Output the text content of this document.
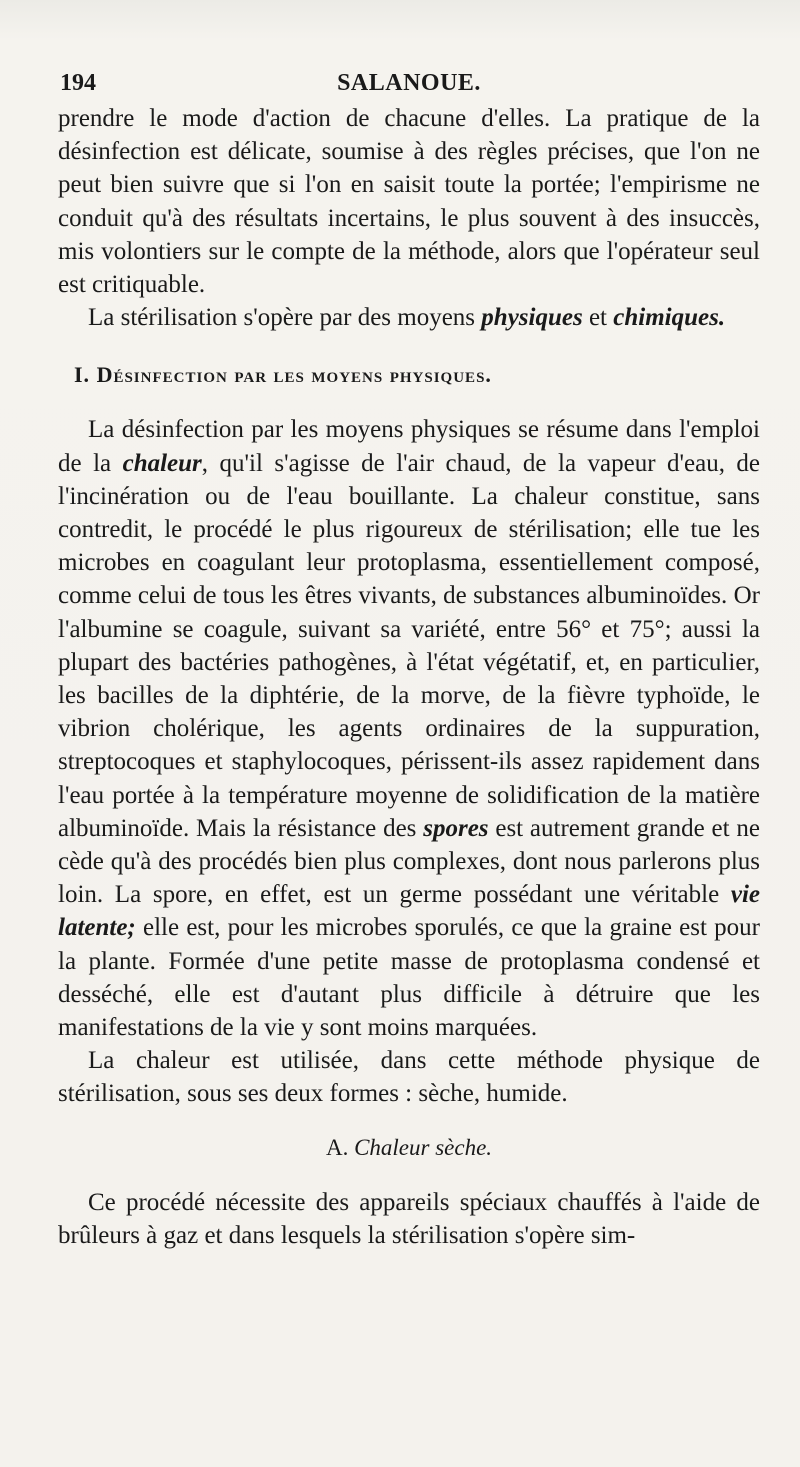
194	SALANOUE.

prendre le mode d'action de chacune d'elles. La pratique de la désinfection est délicate, soumise à des règles précises, que l'on ne peut bien suivre que si l'on en saisit toute la portée; l'empirisme ne conduit qu'à des résultats incertains, le plus souvent à des insuccès, mis volontiers sur le compte de la méthode, alors que l'opérateur seul est critiquable.

La stérilisation s'opère par des moyens physiques et chimiques.

I. Désinfection par les moyens physiques.

La désinfection par les moyens physiques se résume dans l'emploi de la chaleur, qu'il s'agisse de l'air chaud, de la vapeur d'eau, de l'incinération ou de l'eau bouillante. La chaleur constitue, sans contredit, le procédé le plus rigoureux de stérilisation; elle tue les microbes en coagulant leur protoplasma, essentiellement composé, comme celui de tous les êtres vivants, de substances albuminoïdes. Or l'albumine se coagule, suivant sa variété, entre 56° et 75°; aussi la plupart des bactéries pathogènes, à l'état végétatif, et, en particulier, les bacilles de la diphtérie, de la morve, de la fièvre typhoïde, le vibrion cholérique, les agents ordinaires de la suppuration, streptocoques et staphylocoques, périssent-ils assez rapidement dans l'eau portée à la température moyenne de solidification de la matière albuminoïde. Mais la résistance des spores est autrement grande et ne cède qu'à des procédés bien plus complexes, dont nous parlerons plus loin. La spore, en effet, est un germe possédant une véritable vie latente; elle est, pour les microbes sporulés, ce que la graine est pour la plante. Formée d'une petite masse de protoplasma condensé et desséché, elle est d'autant plus difficile à détruire que les manifestations de la vie y sont moins marquées.

La chaleur est utilisée, dans cette méthode physique de stérilisation, sous ses deux formes : sèche, humide.

A. Chaleur sèche.

Ce procédé nécessite des appareils spéciaux chauffés à l'aide de brûleurs à gaz et dans lesquels la stérilisation s'opère sim-
